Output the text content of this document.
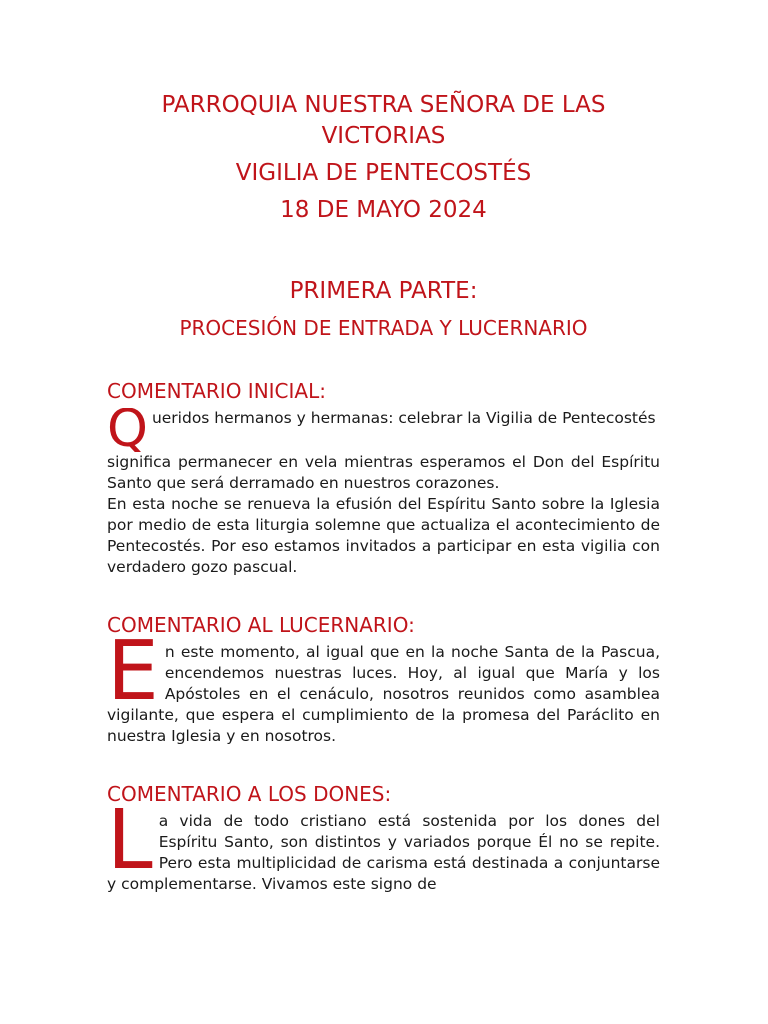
PARROQUIA NUESTRA SEÑORA DE LAS
VICTORIAS
VIGILIA DE PENTECOSTÉS
18 DE MAYO 2024
PRIMERA PARTE:
PROCESIÓN DE ENTRADA Y LUCERNARIO
COMENTARIO INICIAL:
Q ueridos hermanos y hermanas: celebrar la Vigilia de Pentecostés

significa permanecer en vela mientras esperamos el Don del Espíritu Santo que será derramado en nuestros corazones.

En esta noche se renueva la efusión del Espíritu Santo sobre la Iglesia por medio de esta liturgia solemne que actualiza el acontecimiento de Pentecostés. Por eso estamos invitados a participar en esta vigilia con verdadero gozo pascual.

COMENTARIO AL LUCERNARIO:
E n este momento, al igual que en la noche Santa de la Pascua, encendemos nuestras luces. Hoy, al igual que María y los Apóstoles en el cenáculo, nosotros reunidos como asamblea vigilante, que espera el cumplimiento de la promesa del Paráclito en nuestra Iglesia y en nosotros.

COMENTARIO A LOS DONES:
L a vida de todo cristiano está sostenida por los dones del Espíritu Santo, son distintos y variados porque Él no se repite. Pero esta multiplicidad de carisma está destinada a conjuntarse y complementarse. Vivamos este signo de
